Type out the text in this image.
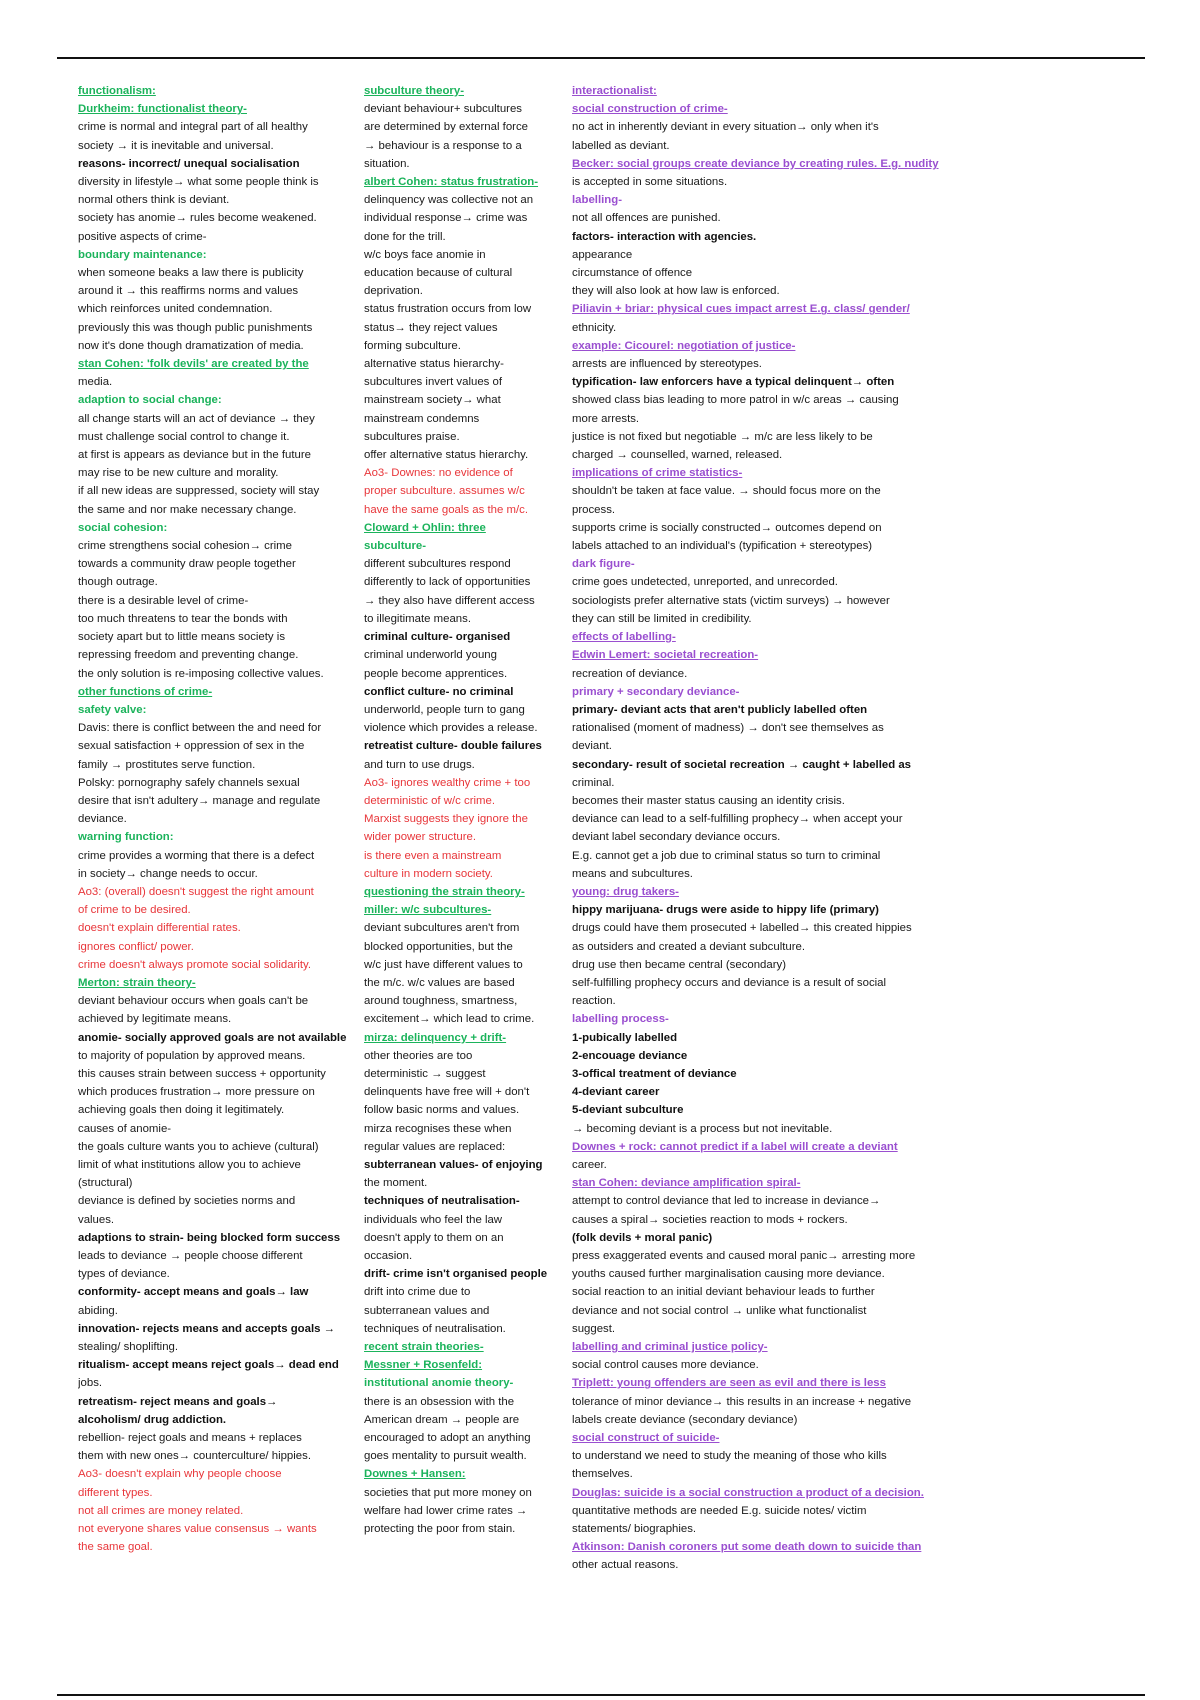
functionalism:
Durkheim: functionalist theory-
crime is normal and integral part of all healthy
society → it is inevitable and universal.
reasons- incorrect/ unequal socialisation
diversity in lifestyle→ what some people think is
normal others think is deviant.
society has anomie→ rules become weakened.
positive aspects of crime-
boundary maintenance:
when someone beaks a law there is publicity
around it → this reaffirms norms and values
which reinforces united condemnation.
previously this was though public punishments
now it's done though dramatization of media.
stan Cohen: 'folk devils' are created by the
media.
adaption to social change:
all change starts will an act of deviance → they
must challenge social control to change it.
at first is appears as deviance but in the future
may rise to be new culture and morality.
if all new ideas are suppressed, society will stay
the same and nor make necessary change.
social cohesion:
crime strengthens social cohesion→ crime
towards a community draw people together
though outrage.
there is a desirable level of crime-
too much threatens to tear the bonds with
society apart but to little means society is
repressing freedom and preventing change.
the only solution is re-imposing collective values.
other functions of crime-
safety valve:
Davis: there is conflict between the and need for
sexual satisfaction + oppression of sex in the
family → prostitutes serve function.
Polsky: pornography safely channels sexual
desire that isn't adultery→ manage and regulate
deviance.
warning function:
crime provides a worming that there is a defect
in society→ change needs to occur.
Ao3: (overall) doesn't suggest the right amount
of crime to be desired.
doesn't explain differential rates.
ignores conflict/ power.
crime doesn't always promote social solidarity.
Merton: strain theory-
deviant behaviour occurs when goals can't be
achieved by legitimate means.
anomie- socially approved goals are not available
to majority of population by approved means.
this causes strain between success + opportunity
which produces frustration→ more pressure on
achieving goals then doing it legitimately.
causes of anomie-
the goals culture wants you to achieve (cultural)
limit of what institutions allow you to achieve
(structural)
deviance is defined by societies norms and
values.
adaptions to strain- being blocked form success
leads to deviance → people choose different
types of deviance.
conformity- accept means and goals→ law
abiding.
innovation- rejects means and accepts goals →
stealing/ shoplifting.
ritualism- accept means reject goals→ dead end
jobs.
retreatism- reject means and goals→
alcoholism/ drug addiction.
rebellion- reject goals and means + replaces
them with new ones→ counterculture/ hippies.
Ao3- doesn't explain why people choose
different types.
not all crimes are money related.
not everyone shares value consensus → wants
the same goal.
subculture theory-
deviant behaviour+ subcultures
are determined by external force
→ behaviour is a response to a
situation.
albert Cohen: status frustration-
delinquency was collective not an
individual response→ crime was
done for the trill.
w/c boys face anomie in
education because of cultural
deprivation.
status frustration occurs from low
status→ they reject values
forming subculture.
alternative status hierarchy-
subcultures invert values of
mainstream society→ what
mainstream condemns
subcultures praise.
offer alternative status hierarchy.
Ao3- Downes: no evidence of
proper subculture. assumes w/c
have the same goals as the m/c.
Cloward + Ohlin: three
subculture-
different subcultures respond
differently to lack of opportunities
→ they also have different access
to illegitimate means.
criminal culture- organised
criminal underworld young
people become apprentices.
conflict culture- no criminal
underworld, people turn to gang
violence which provides a release.
retreatist culture- double failures
and turn to use drugs.
Ao3- ignores wealthy crime + too
deterministic of w/c crime.
Marxist suggests they ignore the
wider power structure.
is there even a mainstream
culture in modern society.
questioning the strain theory-
miller: w/c subcultures-
deviant subcultures aren't from
blocked opportunities, but the
w/c just have different values to
the m/c. w/c values are based
around toughness, smartness,
excitement→ which lead to crime.
mirza: delinquency + drift-
other theories are too
deterministic → suggest
delinquents have free will + don't
follow basic norms and values.
mirza recognises these when
regular values are replaced:
subterranean values- of enjoying
the moment.
techniques of neutralisation-
individuals who feel the law
doesn't apply to them on an
occasion.
drift- crime isn't organised people
drift into crime due to
subterranean values and
techniques of neutralisation.
recent strain theories-
Messner + Rosenfeld:
institutional anomie theory-
there is an obsession with the
American dream → people are
encouraged to adopt an anything
goes mentality to pursuit wealth.
Downes + Hansen:
societies that put more money on
welfare had lower crime rates →
protecting the poor from stain.
interactionalist:
social construction of crime-
no act in inherently deviant in every situation→ only when it's
labelled as deviant.
Becker: social groups create deviance by creating rules. E.g. nudity
is accepted in some situations.
labelling-
not all offences are punished.
factors- interaction with agencies.
appearance
circumstance of offence
they will also look at how law is enforced.
Piliavin + briar: physical cues impact arrest E.g. class/ gender/
ethnicity.
example: Cicourel: negotiation of justice-
arrests are influenced by stereotypes.
typification- law enforcers have a typical delinquent→ often
showed class bias leading to more patrol in w/c areas → causing
more arrests.
justice is not fixed but negotiable → m/c are less likely to be
charged → counselled, warned, released.
implications of crime statistics-
shouldn't be taken at face value. → should focus more on the
process.
supports crime is socially constructed→ outcomes depend on
labels attached to an individual's (typification + stereotypes)
dark figure-
crime goes undetected, unreported, and unrecorded.
sociologists prefer alternative stats (victim surveys) → however
they can still be limited in credibility.
effects of labelling-
Edwin Lemert: societal recreation-
recreation of deviance.
primary + secondary deviance-
primary- deviant acts that aren't publicly labelled often
rationalised (moment of madness) → don't see themselves as
deviant.
secondary- result of societal recreation → caught + labelled as
criminal.
becomes their master status causing an identity crisis.
deviance can lead to a self-fulfilling prophecy→ when accept your
deviant label secondary deviance occurs.
E.g. cannot get a job due to criminal status so turn to criminal
means and subcultures.
young: drug takers-
hippy marijuana- drugs were aside to hippy life (primary)
drugs could have them prosecuted + labelled→ this created hippies
as outsiders and created a deviant subculture.
drug use then became central (secondary)
self-fulfilling prophecy occurs and deviance is a result of social
reaction.
labelling process-
1-pubically labelled
2-encouage deviance
3-offical treatment of deviance
4-deviant career
5-deviant subculture
→ becoming deviant is a process but not inevitable.
Downes + rock: cannot predict if a label will create a deviant
career.
stan Cohen: deviance amplification spiral-
attempt to control deviance that led to increase in deviance→
causes a spiral→ societies reaction to mods + rockers.
(folk devils + moral panic)
press exaggerated events and caused moral panic→ arresting more
youths caused further marginalisation causing more deviance.
social reaction to an initial deviant behaviour leads to further
deviance and not social control → unlike what functionalist
suggest.
labelling and criminal justice policy-
social control causes more deviance.
Triplett: young offenders are seen as evil and there is less
tolerance of minor deviance→ this results in an increase + negative
labels create deviance (secondary deviance)
social construct of suicide-
to understand we need to study the meaning of those who kills
themselves.
Douglas: suicide is a social construction a product of a decision.
quantitative methods are needed E.g. suicide notes/ victim
statements/ biographies.
Atkinson: Danish coroners put some death down to suicide than
other actual reasons.
